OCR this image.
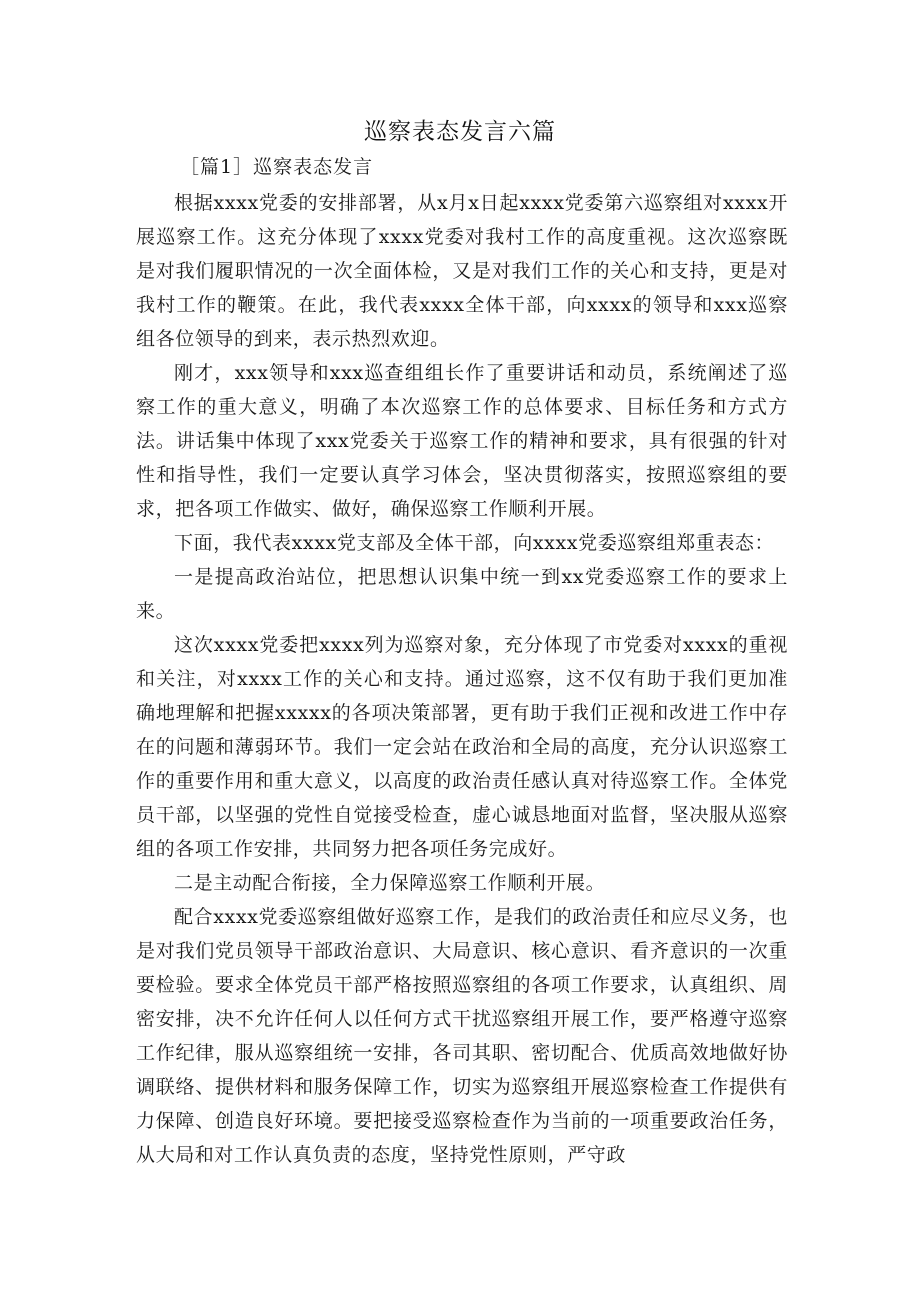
巡察表态发言六篇

［篇1］巡察表态发言

根据xxxx党委的安排部署，从x月x日起xxxx党委第六巡察组对xxxx开展巡察工作。这充分体现了xxxx党委对我村工作的高度重视。这次巡察既是对我们履职情况的一次全面体检，又是对我们工作的关心和支持，更是对我村工作的鞭策。在此，我代表xxxx全体干部，向xxxx的领导和xxx巡察组各位领导的到来，表示热烈欢迎。

刚才，xxx领导和xxx巡查组组长作了重要讲话和动员，系统阐述了巡察工作的重大意义，明确了本次巡察工作的总体要求、目标任务和方式方法。讲话集中体现了xxx党委关于巡察工作的精神和要求，具有很强的针对性和指导性，我们一定要认真学习体会，坚决贯彻落实，按照巡察组的要求，把各项工作做实、做好，确保巡察工作顺利开展。

下面，我代表xxxx党支部及全体干部，向xxxx党委巡察组郑重表态：

一是提高政治站位，把思想认识集中统一到xx党委巡察工作的要求上来。

这次xxxx党委把xxxx列为巡察对象，充分体现了市党委对xxxx的重视和关注，对xxxx工作的关心和支持。通过巡察，这不仅有助于我们更加准确地理解和把握xxxxx的各项决策部署，更有助于我们正视和改进工作中存在的问题和薄弱环节。我们一定会站在政治和全局的高度，充分认识巡察工作的重要作用和重大意义，以高度的政治责任感认真对待巡察工作。全体党员干部，以坚强的党性自觉接受检查，虚心诚恳地面对监督，坚决服从巡察组的各项工作安排，共同努力把各项任务完成好。

二是主动配合衔接，全力保障巡察工作顺利开展。

配合xxxx党委巡察组做好巡察工作，是我们的政治责任和应尽义务，也是对我们党员领导干部政治意识、大局意识、核心意识、看齐意识的一次重要检验。要求全体党员干部严格按照巡察组的各项工作要求，认真组织、周密安排，决不允许任何人以任何方式干扰巡察组开展工作，要严格遵守巡察工作纪律，服从巡察组统一安排，各司其职、密切配合、优质高效地做好协调联络、提供材料和服务保障工作，切实为巡察组开展巡察检查工作提供有力保障、创造良好环境。要把接受巡察检查作为当前的一项重要政治任务，从大局和对工作认真负责的态度，坚持党性原则，严守政
